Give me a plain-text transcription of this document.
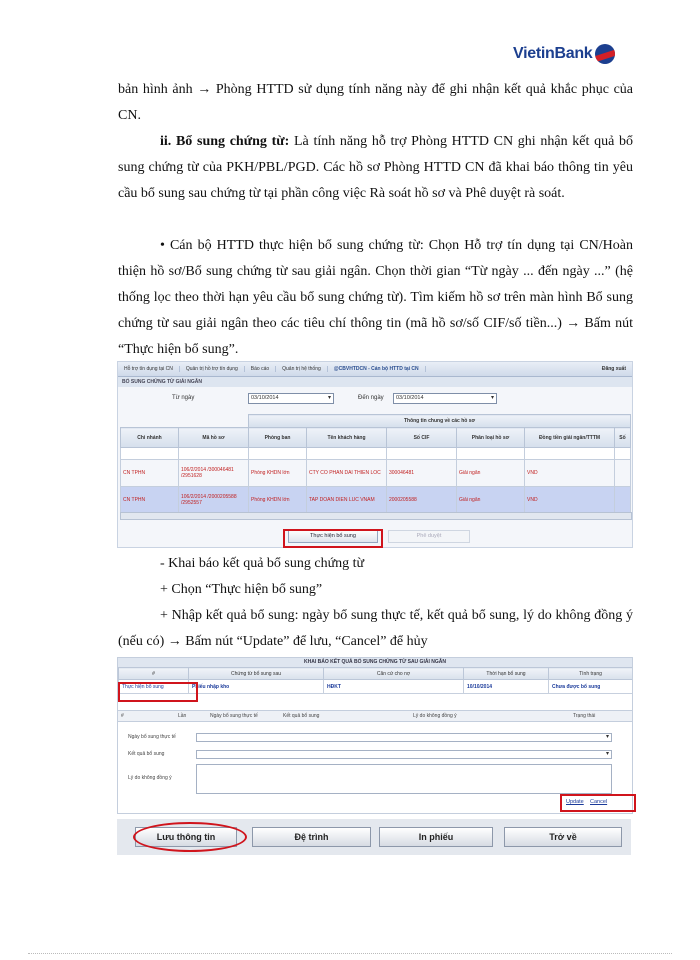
VietinBank

bản hình ảnh → Phòng HTTD sử dụng tính năng này để ghi nhận kết quả khắc phục của CN.

ii. Bổ sung chứng từ: Là tính năng hỗ trợ Phòng HTTD CN ghi nhận kết quả bổ sung chứng từ của PKH/PBL/PGD. Các hồ sơ Phòng HTTD CN đã khai báo thông tin yêu cầu bổ sung sau chứng từ tại phần công việc Rà soát hồ sơ và Phê duyệt rà soát.

• Cán bộ HTTD thực hiện bổ sung chứng từ: Chọn Hỗ trợ tín dụng tại CN/Hoàn thiện hồ sơ/Bổ sung chứng từ sau giải ngân. Chọn thời gian “Từ ngày ... đến ngày ...” (hệ thống lọc theo thời hạn yêu cầu bổ sung chứng từ). Tìm kiếm hồ sơ trên màn hình Bổ sung chứng từ sau giải ngân theo các tiêu chí thông tin (mã hồ sơ/số CIF/số tiền...) → Bấm nút “Thực hiện bổ sung”.

Hỗ trợ tín dụng tại CN	Quản trị hồ trợ tín dụng	Báo cáo	Quản trị hệ thống	@CBVHTDCN - Cán bộ HTTD tại CN	Đăng xuất
BỔ SUNG CHỨNG TỪ GIẢI NGÂN
Từ ngày	03/10/2014 ▾	Đến ngày	03/10/2014 ▾
		Thông tin chung về các hồ sơ					
Chi nhánh	Mã hồ sơ	Phòng ban	Tên khách hàng	Số CIF	Phân loại hồ sơ	Đồng tiền giải ngân/TTTM	Số

CN TPHN	106/2/2014 /300046481 /2951628	Phòng KHDN lớn	CTY CO PHAN DAI THIEN LOC	300046481	Giải ngân	VND	
CN TPHN	106/2/2014 /2000205588 /2952557	Phòng KHDN lớn	TAP DOAN DIEN LUC VNAM	2000205588	Giải ngân	VND	
Thực hiện bổ sung	Phê duyệt
- Khai báo kết quả bổ sung chứng từ
+ Chọn “Thực hiện bổ sung”

+ Nhập kết quả bổ sung: ngày bổ sung thực tế, kết quả bổ sung, lý do không đồng ý (nếu có) → Bấm nút “Update” để lưu, “Cancel” để hủy

KHAI BÁO KẾT QUẢ BỔ SUNG CHỨNG TỪ SAU GIẢI NGÂN
#	Chứng từ bổ sung sau	Căn cứ cho nợ	Thời hạn bổ sung	Tình trạng
Thực hiện bổ sung	Phiếu nhập kho	HĐKT	10/10/2014	Chưa được bổ sung
#	Lần	Ngày bổ sung thực tế	Kết quả bổ sung	Lý do không đồng ý	Trạng thái
Ngày bổ sung thực tế
▾
Kết quả bổ sung
▾
Lý do không đồng ý
Update Cancel
Lưu thông tin	Đệ trình	In phiếu	Trở về
